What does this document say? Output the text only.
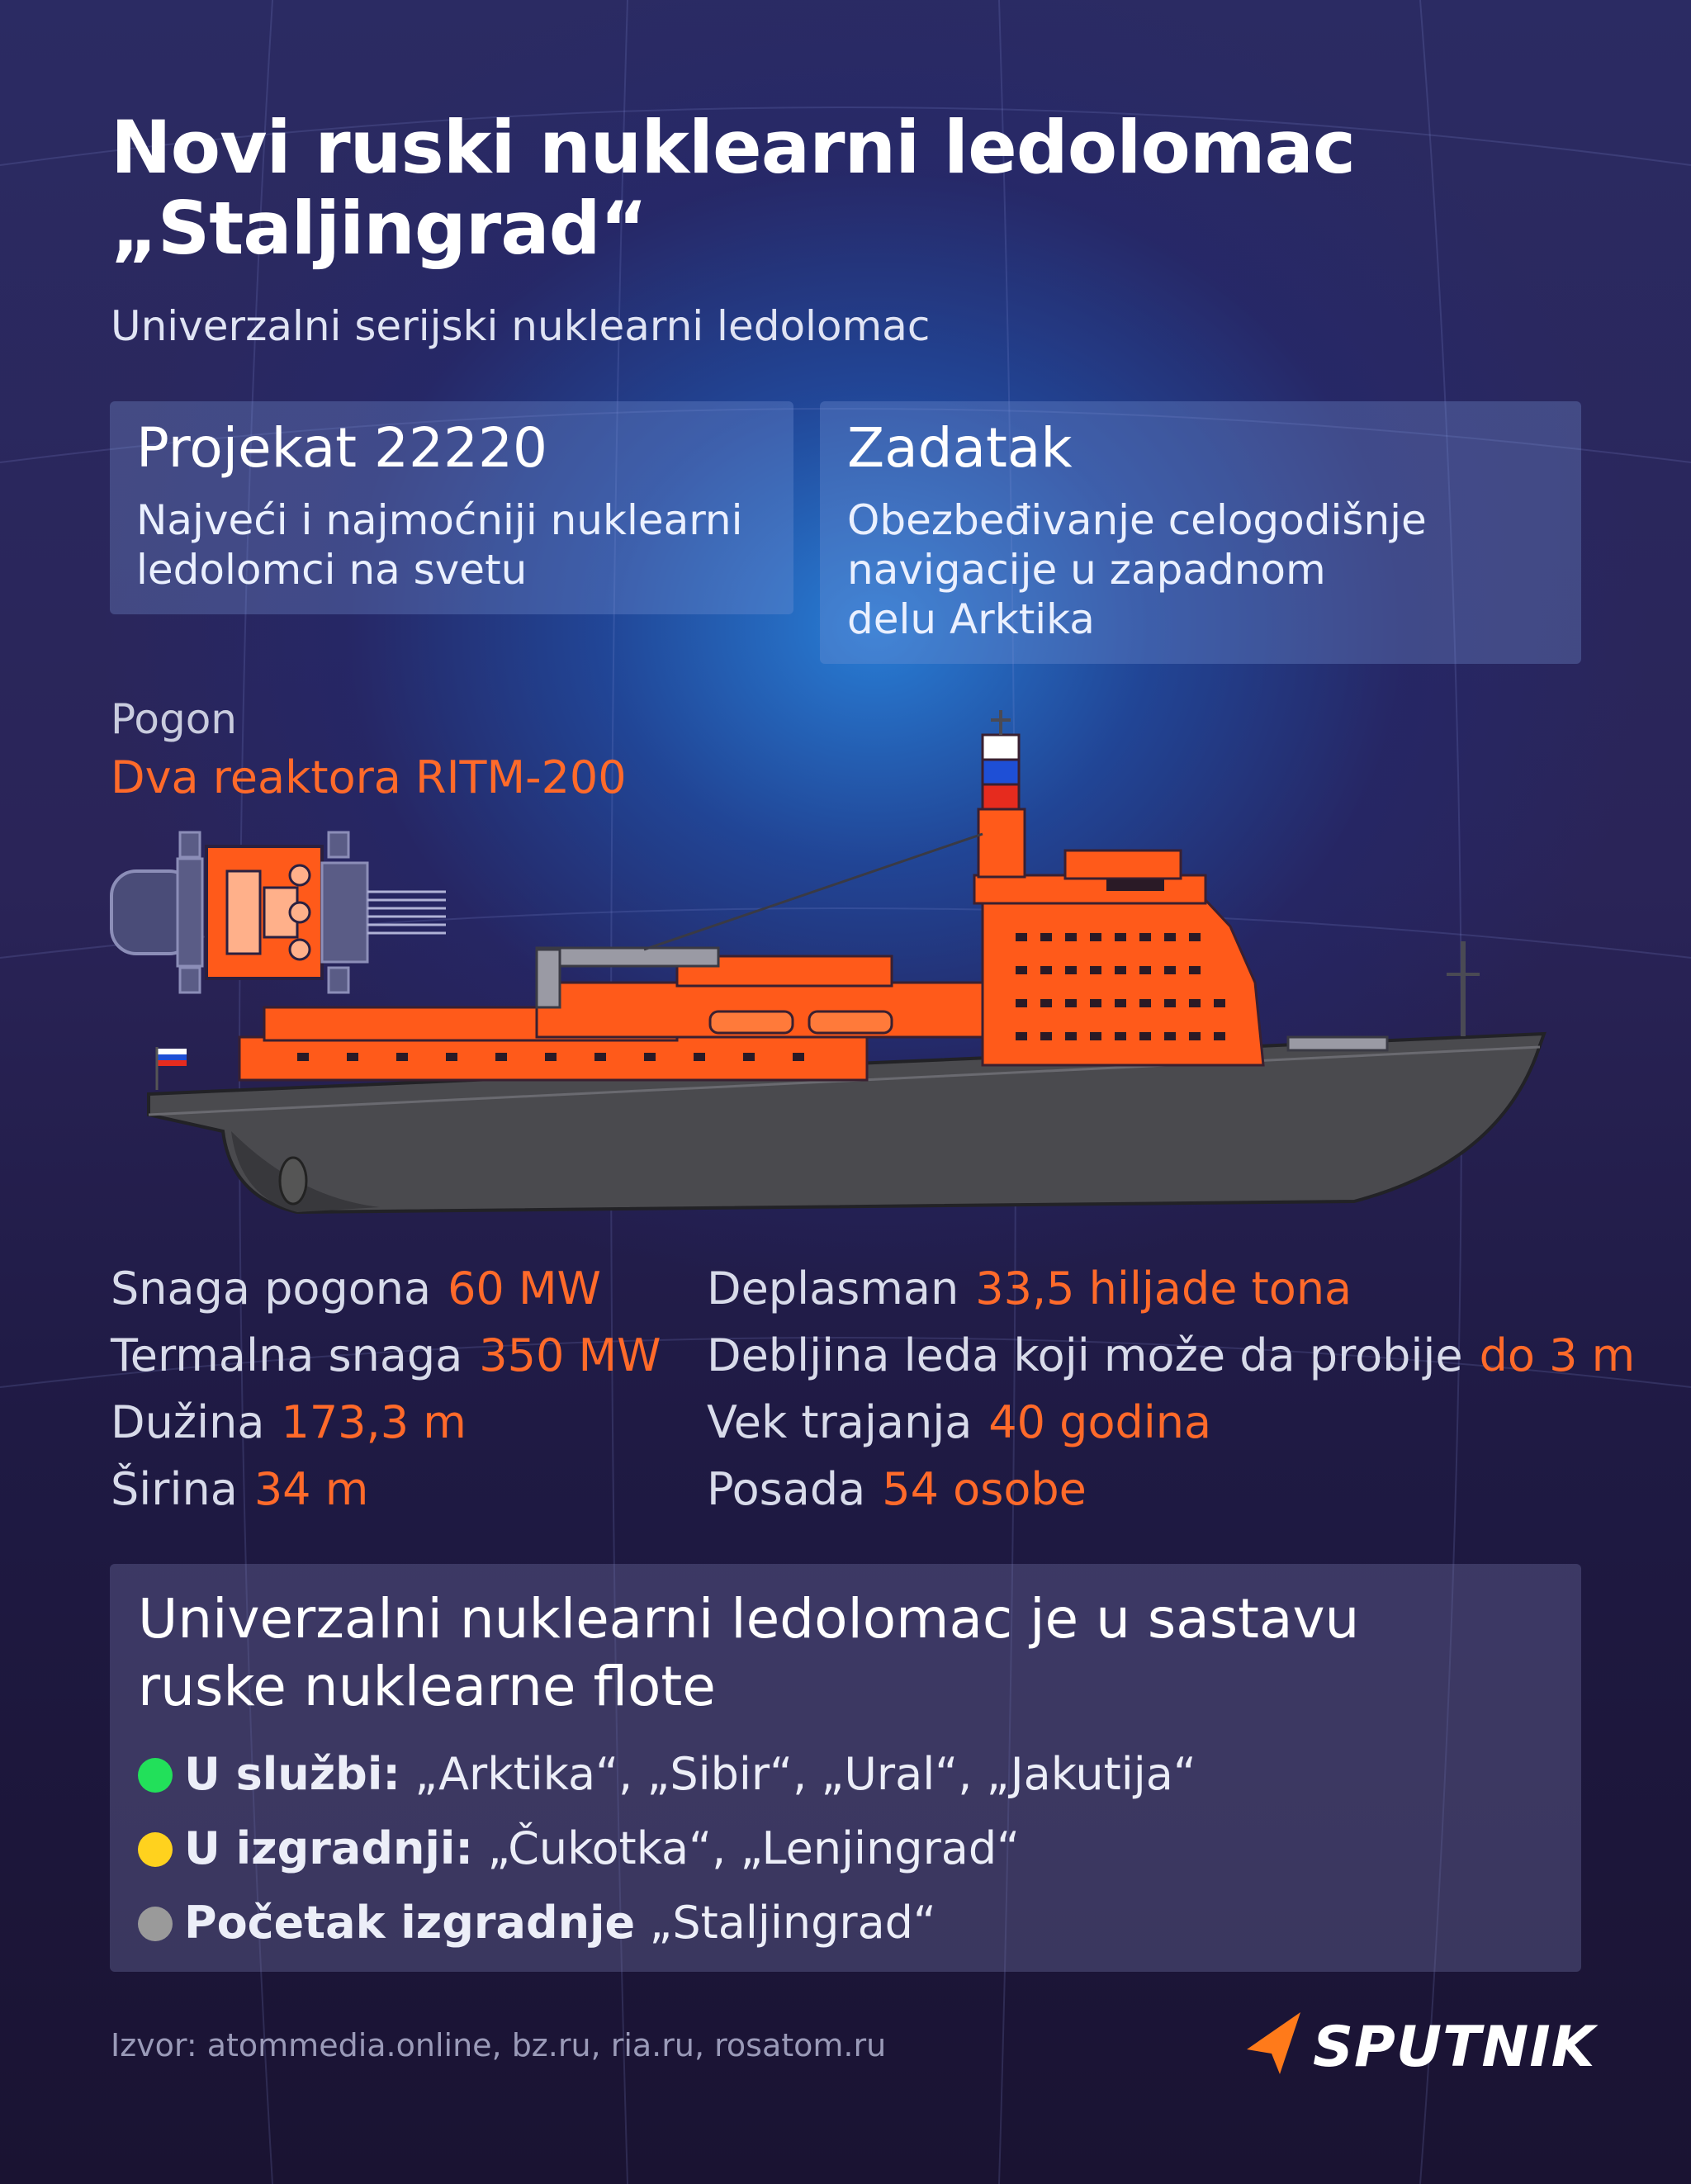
Novi ruski nuklearni ledolomac
„Staljingrad“
Univerzalni serijski nuklearni ledolomac
Projekat 22220
Najveći i najmoćniji nuklearni
ledolomci na svetu
Zadatak
Obezbeđivanje celogodišnje
navigacije u zapadnom
delu Arktika
Pogon
Dva reaktora RITM-200
Snaga pogona 60 MW
Termalna snaga 350 MW
Dužina 173,3 m
Širina 34 m
Deplasman 33,5 hiljade tona
Debljina leda koji može da probije do 3 m
Vek trajanja 40 godina
Posada 54 osobe
Univerzalni nuklearni ledolomac je u sastavu
ruske nuklearne flote
U službi: „Arktika“, „Sibir“, „Ural“, „Jakutija“
U izgradnji: „Čukotka“, „Lenjingrad“
Početak izgradnje „Staljingrad“
Izvor: atommedia.online, bz.ru, ria.ru, rosatom.ru	SPUTNIK
